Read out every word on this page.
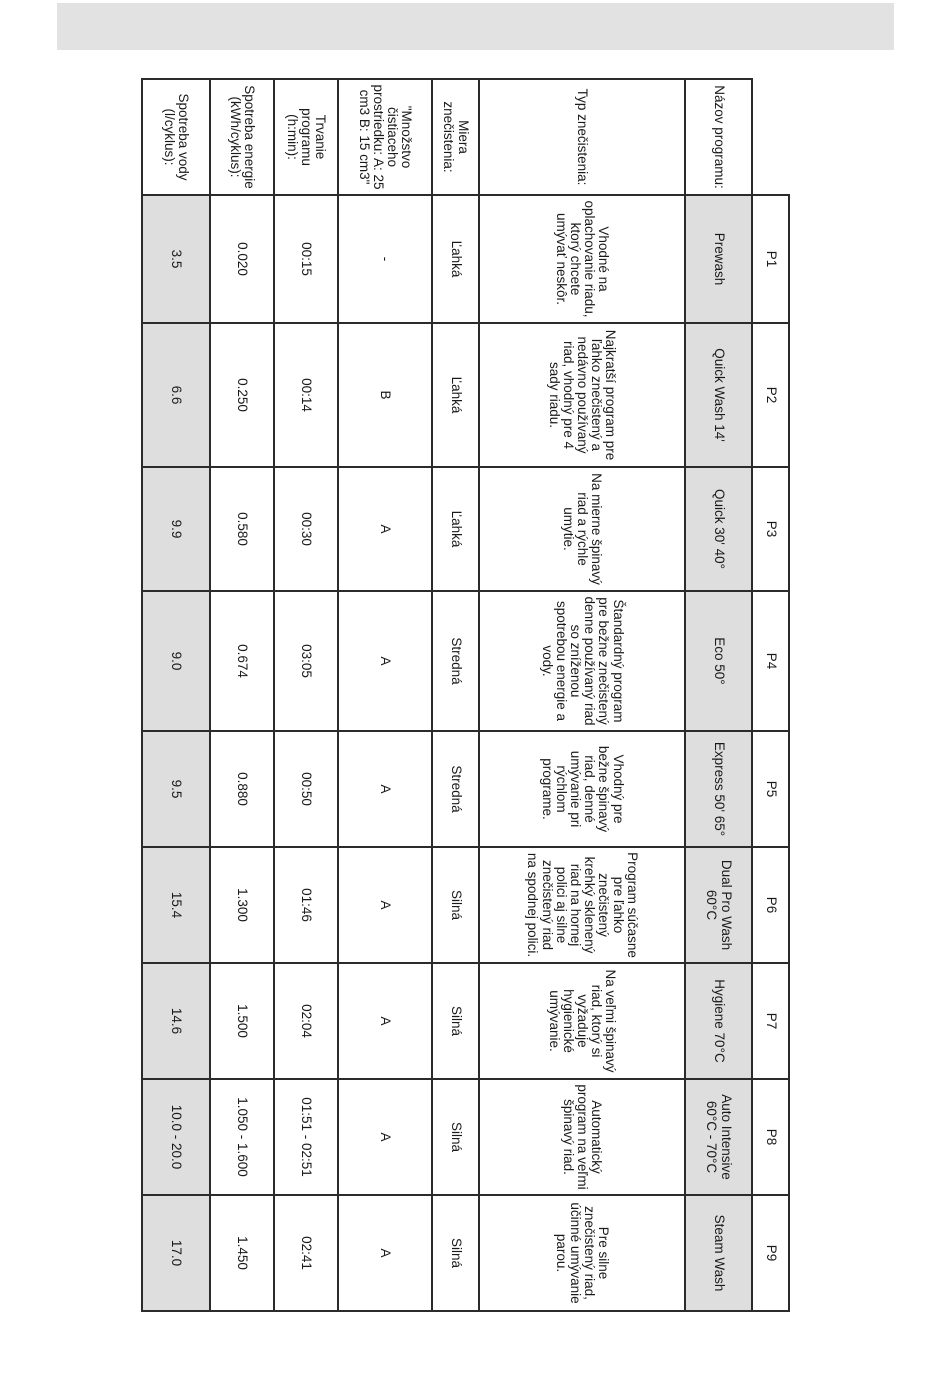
	P1	P2	P3	P4	P5	P6	P7	P8	P9
Názov programu:	Prewash	Quick Wash 14'	Quick 30' 40°	Eco 50°	Express 50' 65°	Dual Pro Wash 60°C	Hygiene 70°C	Auto Intensive 60°C - 70°C	Steam Wash
Typ znečistenia:	Vhodné na oplachovanie riadu, ktorý chcete umývať neskôr.	Najkratší program pre ľahko znečistený a nedávno používaný riad, vhodný pre 4 sady riadu.	Na mierne špinavý riad a rýchle umytie.	Štandardný program pre bežne znečistený denne používaný riad so zníženou spotrebou energie a vody.	Vhodný pre bežne špinavý riad, denné umývanie pri rýchlom programe.	Program súčasne pre ľahko znečistený krehký sklenený riad na hornej polici aj silne znečistený riad na spodnej polici.	Na veľmi špinavý riad, ktorý si vyžaduje hygienické umývanie.	Automatický program na veľmi špinavý riad.	Pre silne znečistený riad, účinné umývanie parou.
Miera znečistenia:	Ľahká	Ľahká	Ľahká	Stredná	Stredná	Silná	Silná	Silná	Silná
"Množstvo čistiaceho prostriedku: A: 25 cm3 B: 15 cm3"	-	B	A	A	A	A	A	A	A
Trvanie programu (h:min):	00:15	00:14	00:30	03:05	00:50	01:46	02:04	01:51 - 02:51	02:41
Spotreba energie (kWh/cyklus):	0.020	0.250	0.580	0.674	0.880	1.300	1.500	1.050 - 1.600	1.450
Spotreba vody (l/cyklus):	3.5	6.6	9.9	9.0	9.5	15.4	14.6	10.0 - 20.0	17.0
